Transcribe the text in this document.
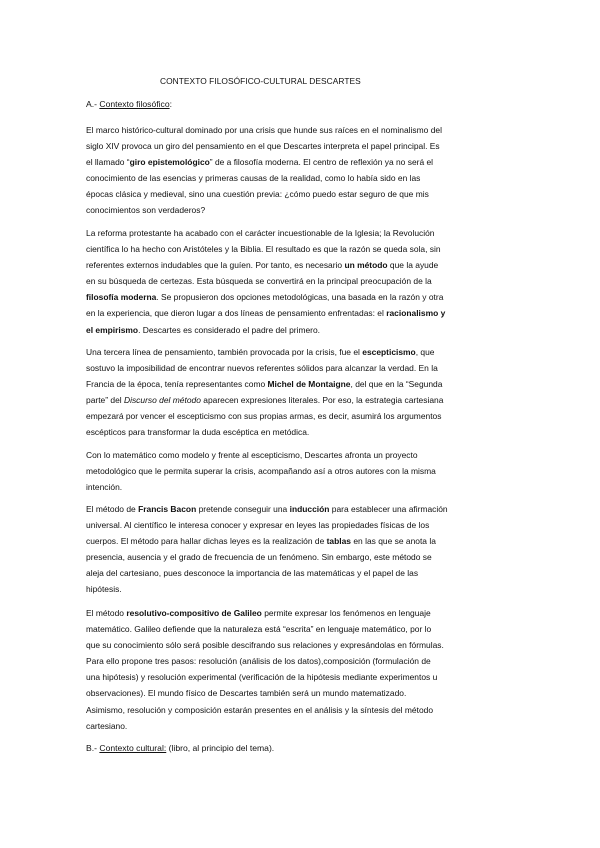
CONTEXTO FILOSÓFICO-CULTURAL DESCARTES
A.- Contexto filosófico:
El marco histórico-cultural dominado por una crisis que hunde sus raíces en el nominalismo del
siglo XIV provoca un giro del pensamiento en el que Descartes interpreta el papel principal. Es
el llamado “giro epistemológico” de a filosofía moderna. El centro de reflexión ya no será el
conocimiento de las esencias y primeras causas de la realidad, como lo había sido en las
épocas clásica y medieval, sino una cuestión previa: ¿cómo puedo estar seguro de que mis
conocimientos son verdaderos?
La reforma protestante ha acabado con el carácter incuestionable de la Iglesia; la Revolución
científica lo ha hecho con Aristóteles y la Biblia. El resultado es que la razón se queda sola, sin
referentes externos indudables que la guíen. Por tanto, es necesario un método que la ayude
en su búsqueda de certezas. Esta búsqueda se convertirá en la principal preocupación de la
filosofía moderna. Se propusieron dos opciones metodológicas, una basada en la razón y otra
en la experiencia, que dieron lugar a dos líneas de pensamiento enfrentadas: el racionalismo y
el empirismo. Descartes es considerado el padre del primero.
Una tercera línea de pensamiento, también provocada por la crisis, fue el escepticismo, que
sostuvo la imposibilidad de encontrar nuevos referentes sólidos para alcanzar la verdad. En la
Francia de la época, tenía representantes como Michel de Montaigne, del que en la “Segunda
parte” del Discurso del método aparecen expresiones literales. Por eso, la estrategia cartesiana
empezará por vencer el escepticismo con sus propias armas, es decir, asumirá los argumentos
escépticos para transformar la duda escéptica en metódica.
Con lo matemático como modelo y frente al escepticismo, Descartes afronta un proyecto
metodológico que le permita superar la crisis, acompañando así a otros autores con la misma
intención.
El método de Francis Bacon pretende conseguir una inducción para establecer una afirmación
universal. Al científico le interesa conocer y expresar en leyes las propiedades físicas de los
cuerpos. El método para hallar dichas leyes es la realización de tablas en las que se anota la
presencia, ausencia y el grado de frecuencia de un fenómeno. Sin embargo, este método se
aleja del cartesiano, pues desconoce la importancia de las matemáticas y el papel de las
hipótesis.
El método resolutivo-compositivo de Galileo permite expresar los fenómenos en lenguaje
matemático. Galileo defiende que la naturaleza está “escrita” en lenguaje matemático, por lo
que su conocimiento sólo será posible descifrando sus relaciones y expresándolas en fórmulas.
Para ello propone tres pasos: resolución (análisis de los datos),composición (formulación de
una hipótesis) y resolución experimental (verificación de la hipótesis mediante experimentos u
observaciones). El mundo físico de Descartes también será un mundo matematizado.
Asimismo, resolución y composición estarán presentes en el análisis y la síntesis del método
cartesiano.
B.- Contexto cultural: (libro, al principio del tema).
